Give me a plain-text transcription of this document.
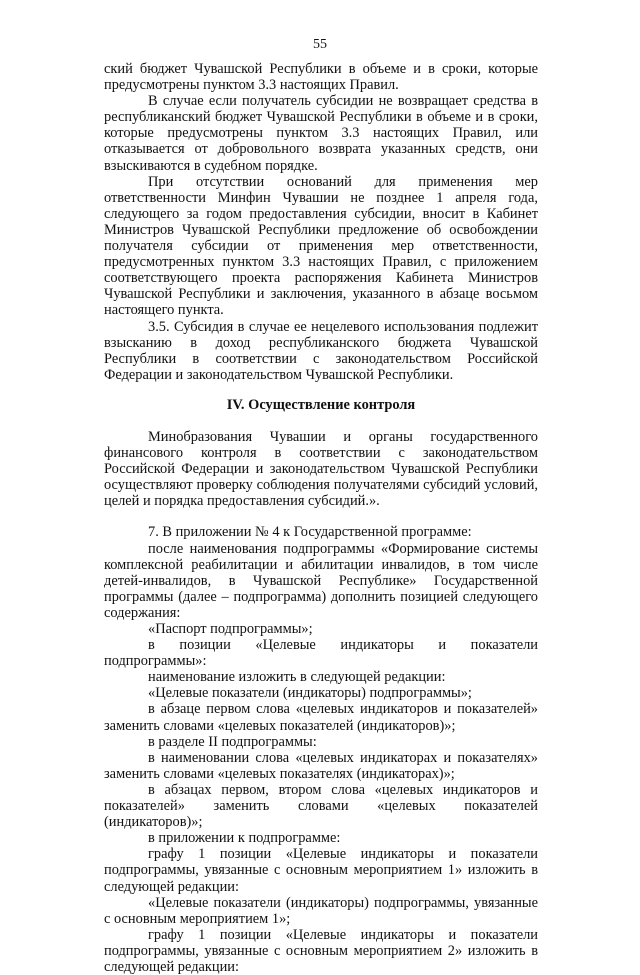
55

ский бюджет Чувашской Республики в объеме и в сроки, которые предусмотрены пунктом 3.3 настоящих Правил.

В случае если получатель субсидии не возвращает средства в республиканский бюджет Чувашской Республики в объеме и в сроки, которые предусмотрены пунктом 3.3 настоящих Правил, или отказывается от добровольного возврата указанных средств, они взыскиваются в судебном порядке.

При отсутствии оснований для применения мер ответственности Минфин Чувашии не позднее 1 апреля года, следующего за годом предоставления субсидии, вносит в Кабинет Министров Чувашской Республики предложение об освобождении получателя субсидии от применения мер ответственности, предусмотренных пунктом 3.3 настоящих Правил, с приложением соответствующего проекта распоряжения Кабинета Министров Чувашской Республики и заключения, указанного в абзаце восьмом настоящего пункта.

3.5. Субсидия в случае ее нецелевого использования подлежит взысканию в доход республиканского бюджета Чувашской Республики в соответствии с законодательством Российской Федерации и законодательством Чувашской Республики.

IV. Осуществление контроля

Минобразования Чувашии и органы государственного финансового контроля в соответствии с законодательством Российской Федерации и законодательством Чувашской Республики осуществляют проверку соблюдения получателями субсидий условий, целей и порядка предоставления субсидий.».

7. В приложении № 4 к Государственной программе:

после наименования подпрограммы «Формирование системы комплексной реабилитации и абилитации инвалидов, в том числе детей-инвалидов, в Чувашской Республике» Государственной программы (далее – подпрограмма) дополнить позицией следующего содержания:

«Паспорт подпрограммы»;

в позиции «Целевые индикаторы и показатели подпрограммы»:

наименование изложить в следующей редакции:

«Целевые показатели (индикаторы) подпрограммы»;

в абзаце первом слова «целевых индикаторов и показателей» заменить словами «целевых показателей (индикаторов)»;

в разделе II подпрограммы:

в наименовании слова «целевых индикаторах и показателях» заменить словами «целевых показателях (индикаторах)»;

в абзацах первом, втором слова «целевых индикаторов и показателей» заменить словами «целевых показателей (индикаторов)»;

в приложении к подпрограмме:

графу 1 позиции «Целевые индикаторы и показатели подпрограммы, увязанные с основным мероприятием 1» изложить в следующей редакции:

«Целевые показатели (индикаторы) подпрограммы, увязанные с основным мероприятием 1»;

графу 1 позиции «Целевые индикаторы и показатели подпрограммы, увязанные с основным мероприятием 2» изложить в следующей редакции:
